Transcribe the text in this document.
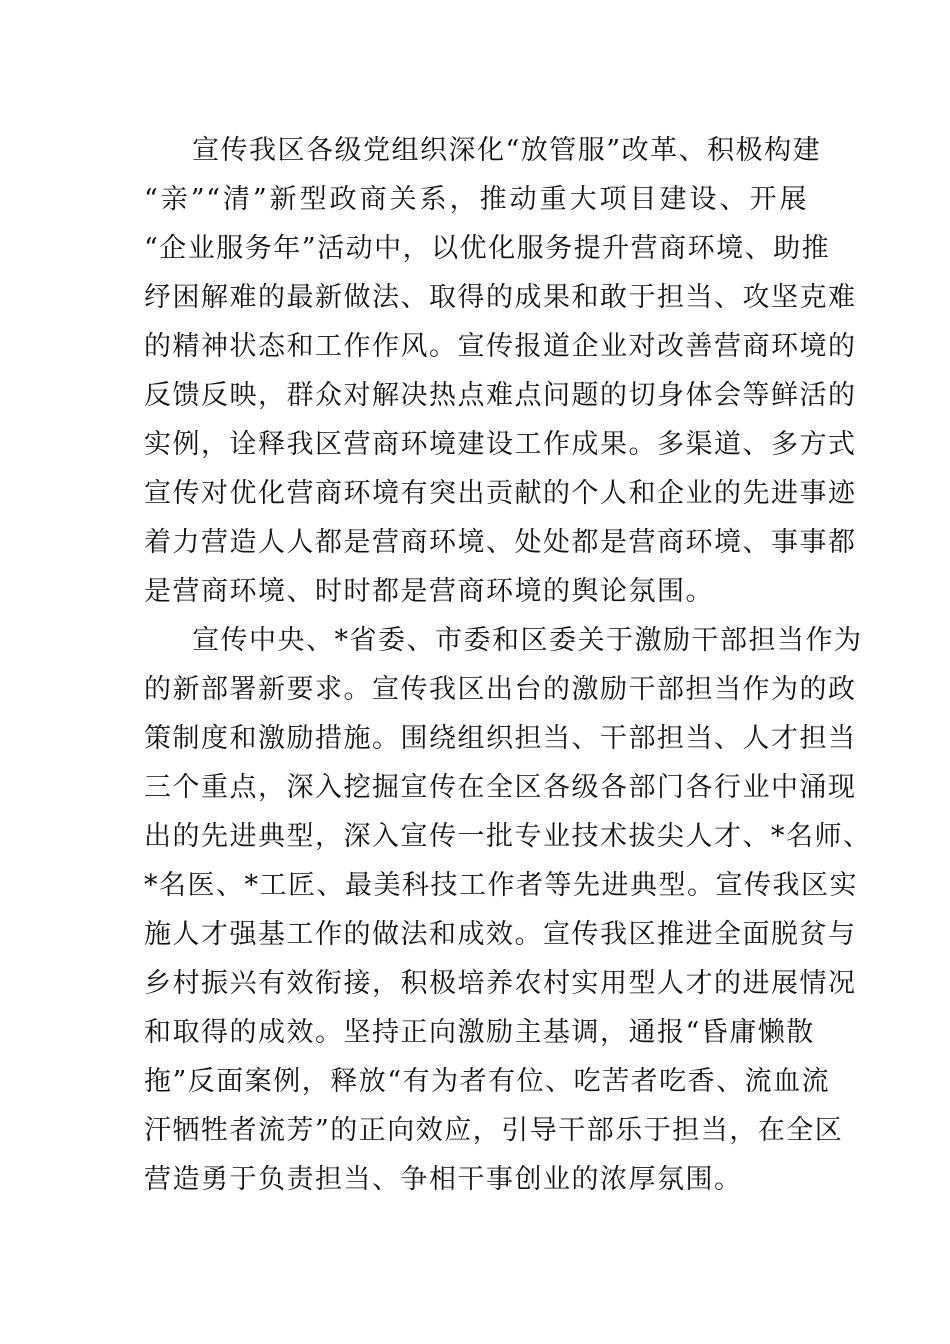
宣传我区各级党组织深化“放管服”改革、积极构建
“亲”“清”新型政商关系，推动重大项目建设、开展
“企业服务年”活动中，以优化服务提升营商环境、助推
纾困解难的最新做法、取得的成果和敢于担当、攻坚克难
的精神状态和工作作风。宣传报道企业对改善营商环境的
反馈反映，群众对解决热点难点问题的切身体会等鲜活的
实例，诠释我区营商环境建设工作成果。多渠道、多方式
宣传对优化营商环境有突出贡献的个人和企业的先进事迹
着力营造人人都是营商环境、处处都是营商环境、事事都
是营商环境、时时都是营商环境的舆论氛围。
宣传中央、*省委、市委和区委关于激励干部担当作为
的新部署新要求。宣传我区出台的激励干部担当作为的政
策制度和激励措施。围绕组织担当、干部担当、人才担当
三个重点，深入挖掘宣传在全区各级各部门各行业中涌现
出的先进典型，深入宣传一批专业技术拔尖人才、*名师、
*名医、*工匠、最美科技工作者等先进典型。宣传我区实
施人才强基工作的做法和成效。宣传我区推进全面脱贫与
乡村振兴有效衔接，积极培养农村实用型人才的进展情况
和取得的成效。坚持正向激励主基调，通报“昏庸懒散
拖”反面案例，释放“有为者有位、吃苦者吃香、流血流
汗牺牲者流芳”的正向效应，引导干部乐于担当，在全区
营造勇于负责担当、争相干事创业的浓厚氛围。
